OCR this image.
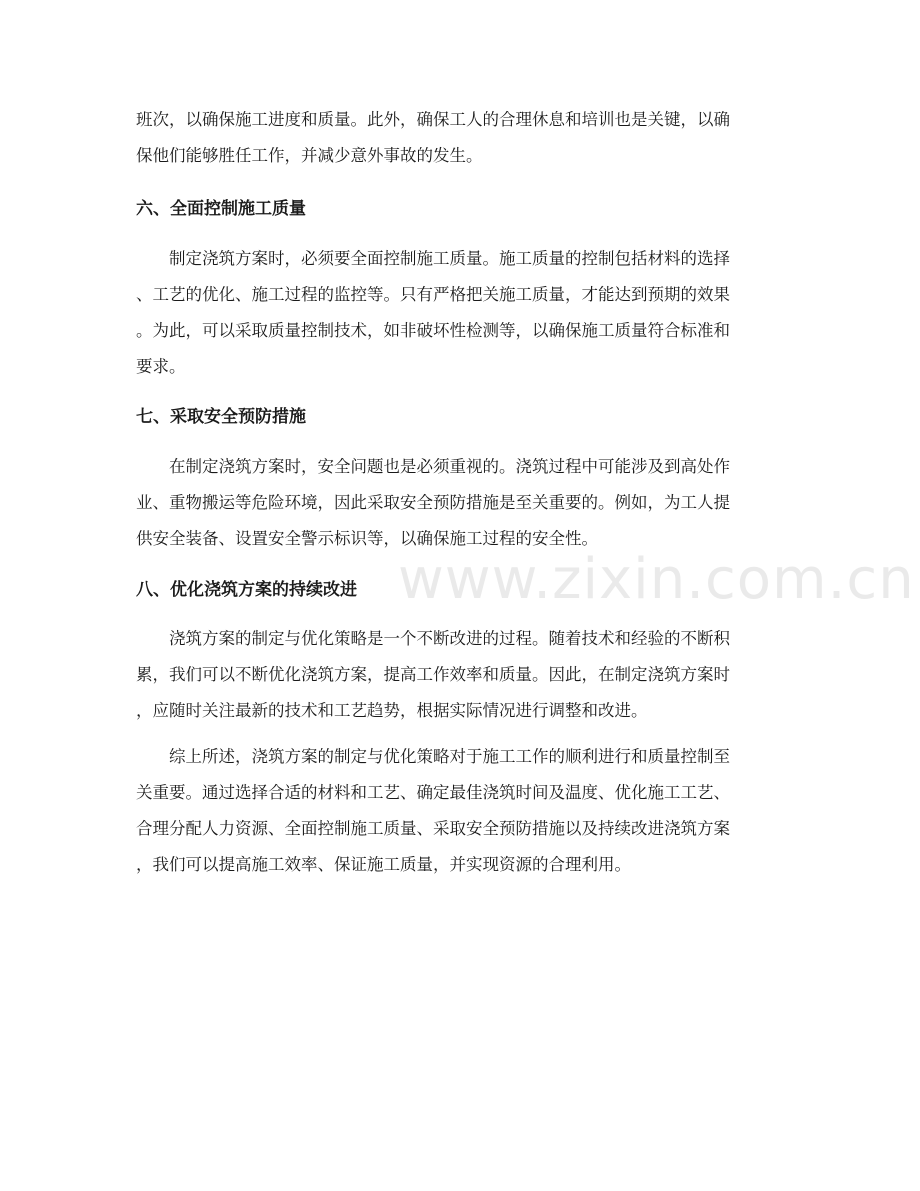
班次，以确保施工进度和质量。此外，确保工人的合理休息和培训也是关键，以确
保他们能够胜任工作，并减少意外事故的发生。
六、全面控制施工质量
　　制定浇筑方案时，必须要全面控制施工质量。施工质量的控制包括材料的选择
、工艺的优化、施工过程的监控等。只有严格把关施工质量，才能达到预期的效果
。为此，可以采取质量控制技术，如非破坏性检测等，以确保施工质量符合标准和
要求。
七、采取安全预防措施
　　在制定浇筑方案时，安全问题也是必须重视的。浇筑过程中可能涉及到高处作
业、重物搬运等危险环境，因此采取安全预防措施是至关重要的。例如，为工人提
供安全装备、设置安全警示标识等，以确保施工过程的安全性。
八、优化浇筑方案的持续改进
　　浇筑方案的制定与优化策略是一个不断改进的过程。随着技术和经验的不断积
累，我们可以不断优化浇筑方案，提高工作效率和质量。因此，在制定浇筑方案时
，应随时关注最新的技术和工艺趋势，根据实际情况进行调整和改进。
　　综上所述，浇筑方案的制定与优化策略对于施工工作的顺利进行和质量控制至
关重要。通过选择合适的材料和工艺、确定最佳浇筑时间及温度、优化施工工艺、
合理分配人力资源、全面控制施工质量、采取安全预防措施以及持续改进浇筑方案
，我们可以提高施工效率、保证施工质量，并实现资源的合理利用。
www.zixin.com.cn
